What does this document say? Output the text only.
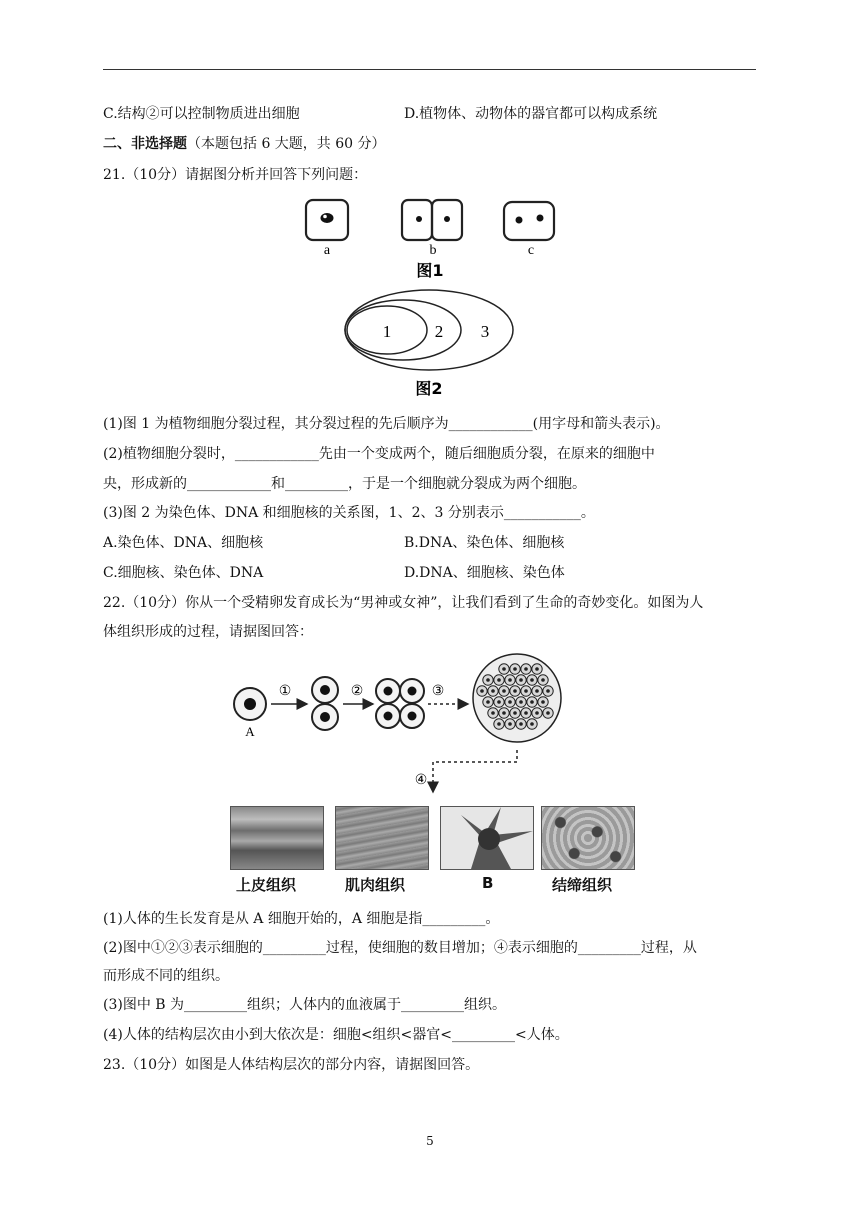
C.结构②可以控制物质进出细胞	D.植物体、动物体的器官都可以构成系统
二、非选择题（本题包括 6 大题，共 60 分）
21.（10分）请据图分析并回答下列问题：
a	b	c
图1
1	2 3
图2
(1)图 1 为植物细胞分裂过程，其分裂过程的先后顺序为____________(用字母和箭头表示)。
(2)植物细胞分裂时，____________先由一个变成两个，随后细胞质分裂，在原来的细胞中
央，形成新的____________和_________，于是一个细胞就分裂成为两个细胞。
(3)图 2 为染色体、DNA 和细胞核的关系图，1、2、3 分别表示___________。
A.染色体、DNA、细胞核	B.DNA、染色体、细胞核
C.细胞核、染色体、DNA	D.DNA、细胞核、染色体
22.（10分）你从一个受精卵发育成长为“男神或女神”，让我们看到了生命的奇妙变化。如图为人
体组织形成的过程，请据图回答：
A
①	②	③
④
上皮组织	肌肉组织	B	结缔组织
(1)人体的生长发育是从 A 细胞开始的，A 细胞是指_________。
(2)图中①②③表示细胞的_________过程，使细胞的数目增加；④表示细胞的_________过程，从
而形成不同的组织。
(3)图中 B 为_________组织；人体内的血液属于_________组织。
(4)人体的结构层次由小到大依次是：细胞<组织<器官<_________<人体。
23.（10分）如图是人体结构层次的部分内容，请据图回答。
5
